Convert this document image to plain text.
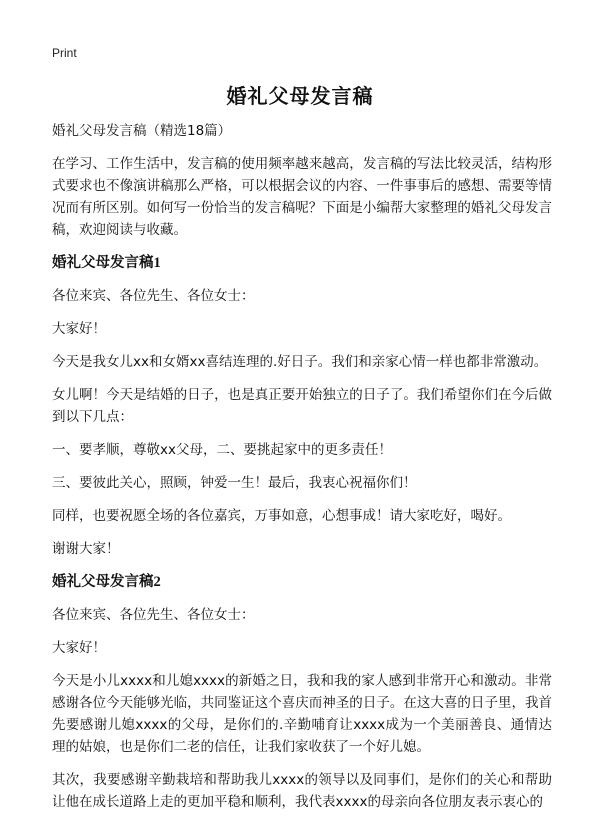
Print
婚礼父母发言稿

婚礼父母发言稿（精选18篇）

在学习、工作生活中，发言稿的使用频率越来越高，发言稿的写法比较灵活，结构形式要求也不像演讲稿那么严格，可以根据会议的内容、一件事事后的感想、需要等情况而有所区别。如何写一份恰当的发言稿呢？下面是小编帮大家整理的婚礼父母发言稿，欢迎阅读与收藏。

婚礼父母发言稿1

各位来宾、各位先生、各位女士：

大家好！

今天是我女儿xx和女婿xx喜结连理的.好日子。我们和亲家心情一样也都非常激动。

女儿啊！今天是结婚的日子，也是真正要开始独立的日子了。我们希望你们在今后做到以下几点：

一、要孝顺，尊敬xx父母，二、要挑起家中的更多责任！

三、要彼此关心，照顾，钟爱一生！最后，我衷心祝福你们！

同样，也要祝愿全场的各位嘉宾，万事如意，心想事成！请大家吃好，喝好。

谢谢大家！

婚礼父母发言稿2

各位来宾、各位先生、各位女士：

大家好！

今天是小儿xxxx和儿媳xxxx的新婚之日，我和我的家人感到非常开心和激动。非常感谢各位今天能够光临，共同鉴证这个喜庆而神圣的日子。在这大喜的日子里，我首先要感谢儿媳xxxx的父母，是你们的.辛勤哺育让xxxx成为一个美丽善良、通情达理的姑娘，也是你们二老的信任，让我们家收获了一个好儿媳。

其次，我要感谢辛勤栽培和帮助我儿xxxx的领导以及同事们，是你们的关心和帮助让他在成长道路上走的更加平稳和顺利，我代表xxxx的母亲向各位朋友表示衷心的
